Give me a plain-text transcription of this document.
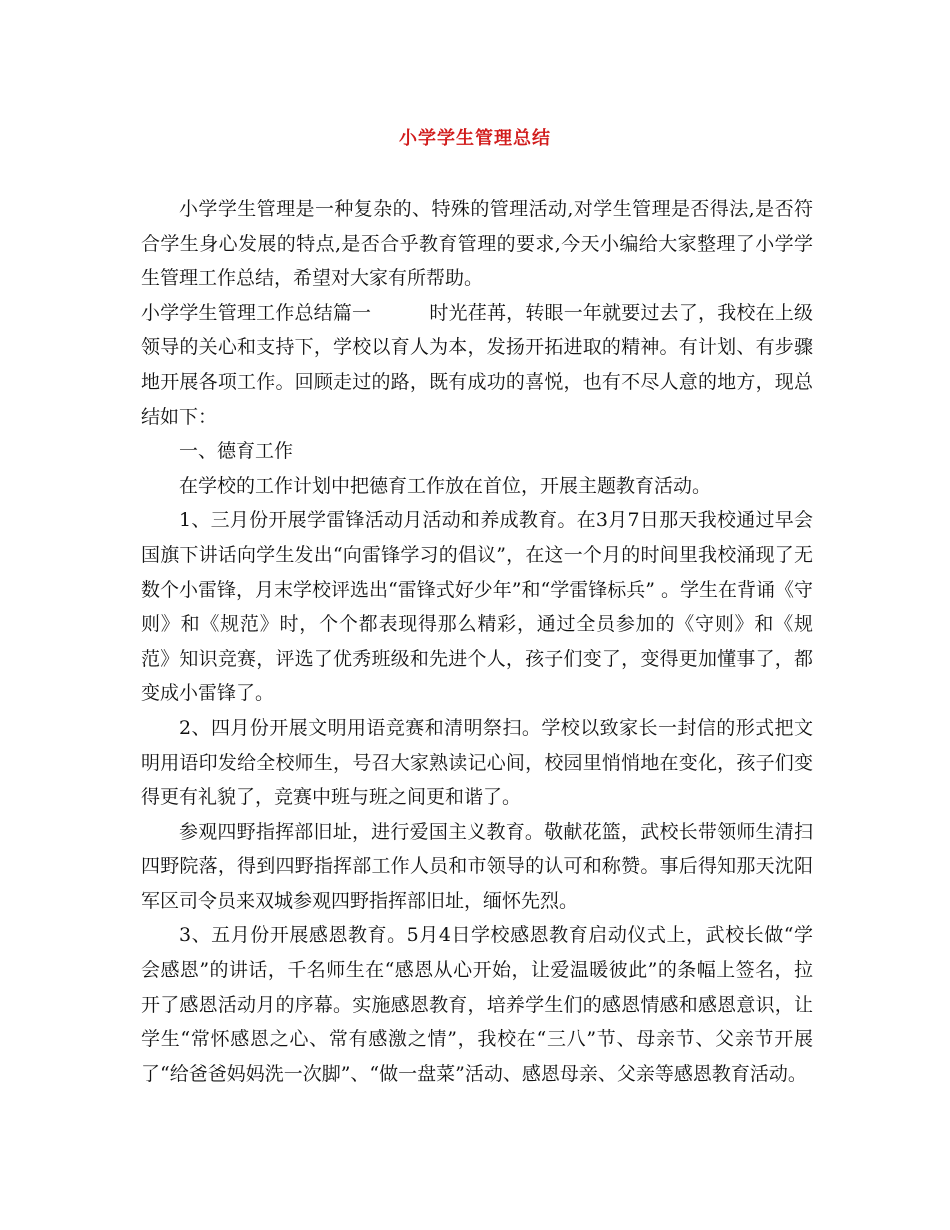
小学学生管理总结

小学学生管理是一种复杂的、特殊的管理活动,对学生管理是否得法,是否符合学生身心发展的特点,是否合乎教育管理的要求,今天小编给大家整理了小学学生管理工作总结，希望对大家有所帮助。

小学学生管理工作总结篇一	时光荏苒，转眼一年就要过去了，我校在上级领导的关心和支持下，学校以育人为本，发扬开拓进取的精神。有计划、有步骤地开展各项工作。回顾走过的路，既有成功的喜悦，也有不尽人意的地方，现总结如下：

一、德育工作

在学校的工作计划中把德育工作放在首位，开展主题教育活动。

1、三月份开展学雷锋活动月活动和养成教育。在3月7日那天我校通过早会国旗下讲话向学生发出“向雷锋学习的倡议”，在这一个月的时间里我校涌现了无数个小雷锋，月末学校评选出“雷锋式好少年”和“学雷锋标兵” 。学生在背诵《守则》和《规范》时，个个都表现得那么精彩，通过全员参加的《守则》和《规范》知识竞赛，评选了优秀班级和先进个人，孩子们变了，变得更加懂事了，都变成小雷锋了。

2、四月份开展文明用语竞赛和清明祭扫。学校以致家长一封信的形式把文明用语印发给全校师生，号召大家熟读记心间，校园里悄悄地在变化，孩子们变得更有礼貌了，竞赛中班与班之间更和谐了。

参观四野指挥部旧址，进行爱国主义教育。敬献花篮，武校长带领师生清扫四野院落，得到四野指挥部工作人员和市领导的认可和称赞。事后得知那天沈阳军区司令员来双城参观四野指挥部旧址，缅怀先烈。

3、五月份开展感恩教育。5月4日学校感恩教育启动仪式上，武校长做“学会感恩”的讲话，千名师生在“感恩从心开始，让爱温暖彼此”的条幅上签名，拉开了感恩活动月的序幕。实施感恩教育，培养学生们的感恩情感和感恩意识，让学生“常怀感恩之心、常有感激之情”，我校在“三八”节、母亲节、父亲节开展了“给爸爸妈妈洗一次脚”、“做一盘菜”活动、感恩母亲、父亲等感恩教育活动。
